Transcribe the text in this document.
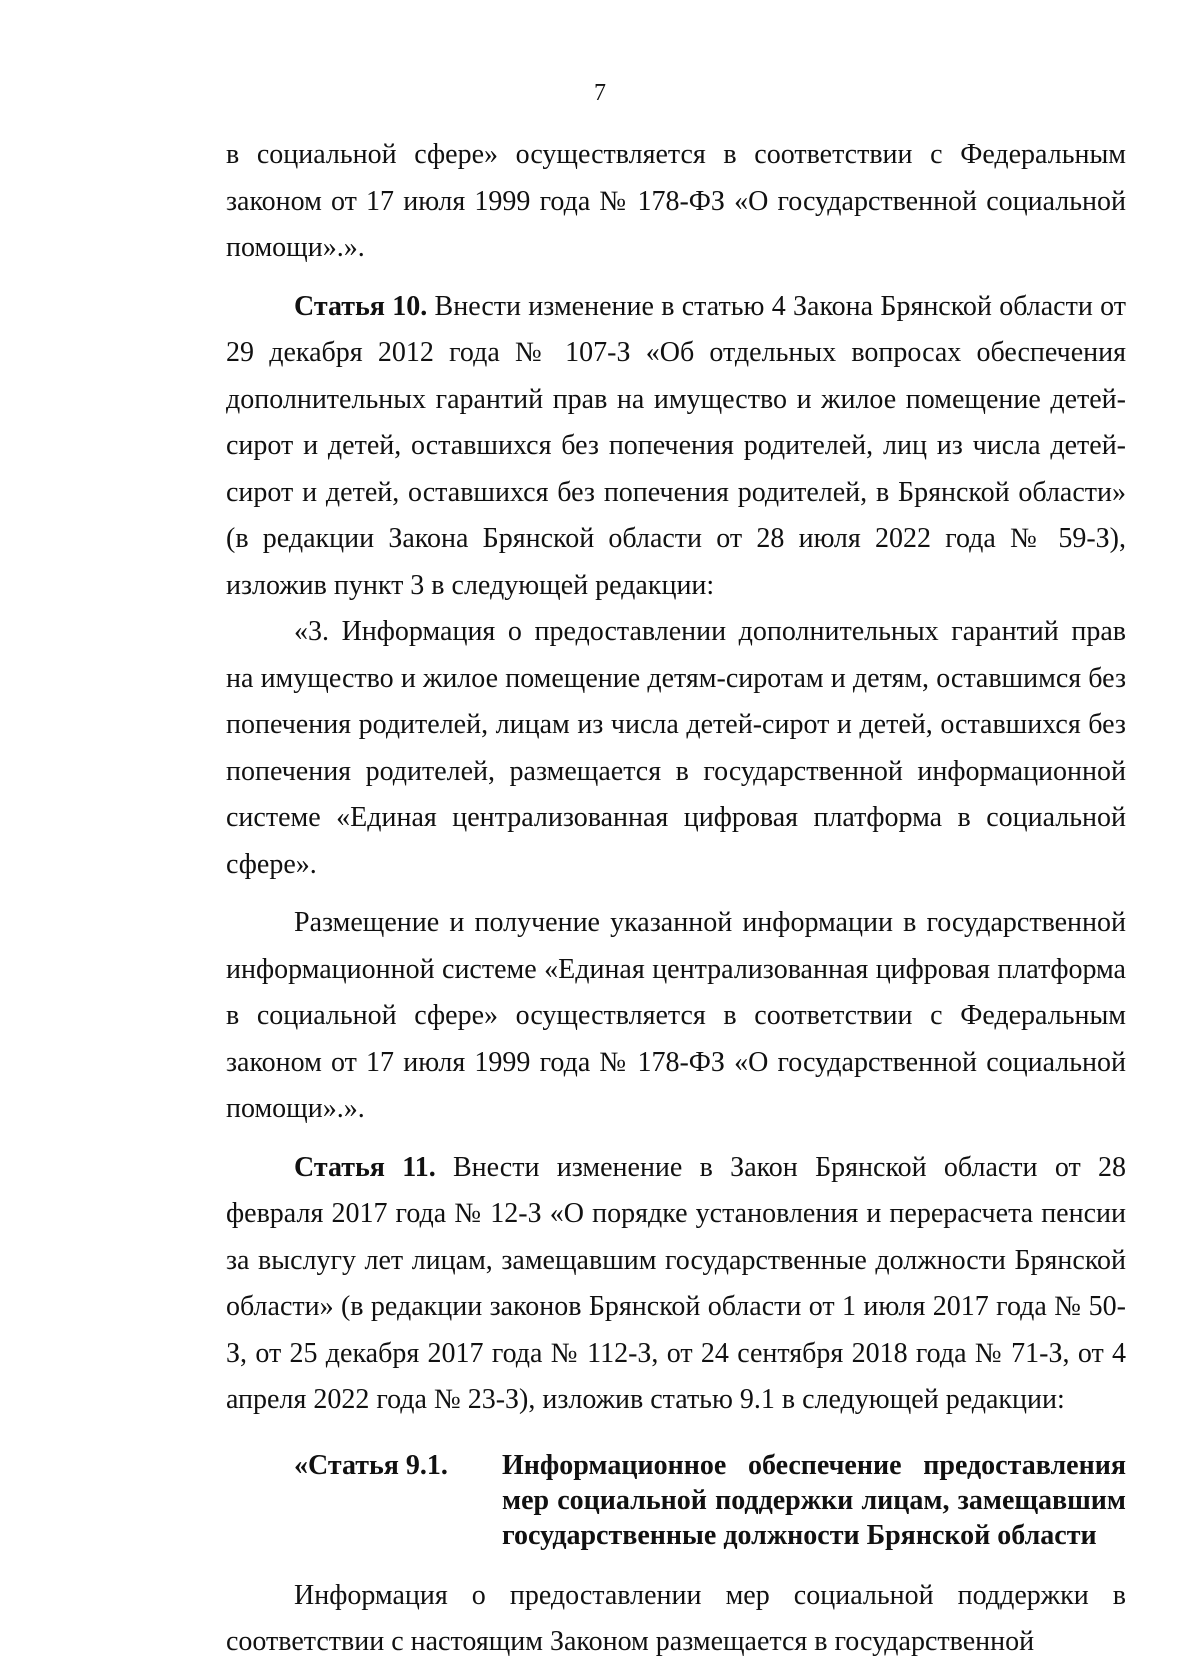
7

в социальной сфере» осуществляется в соответствии с Федеральным законом от 17 июля 1999 года № 178-ФЗ «О государственной социальной помощи».».

Статья 10. Внести изменение в статью 4 Закона Брянской области от 29 декабря 2012 года № 107-З «Об отдельных вопросах обеспечения дополнительных гарантий прав на имущество и жилое помещение детей-сирот и детей, оставшихся без попечения родителей, лиц из числа детей-сирот и детей, оставшихся без попечения родителей, в Брянской области» (в редакции Закона Брянской области от 28 июля 2022 года № 59-З), изложив пункт 3 в следующей редакции:

«3. Информация о предоставлении дополнительных гарантий прав на имущество и жилое помещение детям-сиротам и детям, оставшимся без попечения родителей, лицам из числа детей-сирот и детей, оставшихся без попечения родителей, размещается в государственной информационной системе «Единая централизованная цифровая платформа в социальной сфере».

Размещение и получение указанной информации в государственной информационной системе «Единая централизованная цифровая платформа в социальной сфере» осуществляется в соответствии с Федеральным законом от 17 июля 1999 года № 178-ФЗ «О государственной социальной помощи».».

Статья 11. Внести изменение в Закон Брянской области от 28 февраля 2017 года № 12-З «О порядке установления и перерасчета пенсии за выслугу лет лицам, замещавшим государственные должности Брянской области» (в редакции законов Брянской области от 1 июля 2017 года № 50-З, от 25 декабря 2017 года № 112-З, от 24 сентября 2018 года № 71-З, от 4 апреля 2022 года № 23-З), изложив статью 9.1 в следующей редакции:

«Статья 9.1.	Информационное обеспечение предоставления мер социальной поддержки лицам, замещавшим государственные должности Брянской области

Информация о предоставлении мер социальной поддержки в соответствии с настоящим Законом размещается в государственной
